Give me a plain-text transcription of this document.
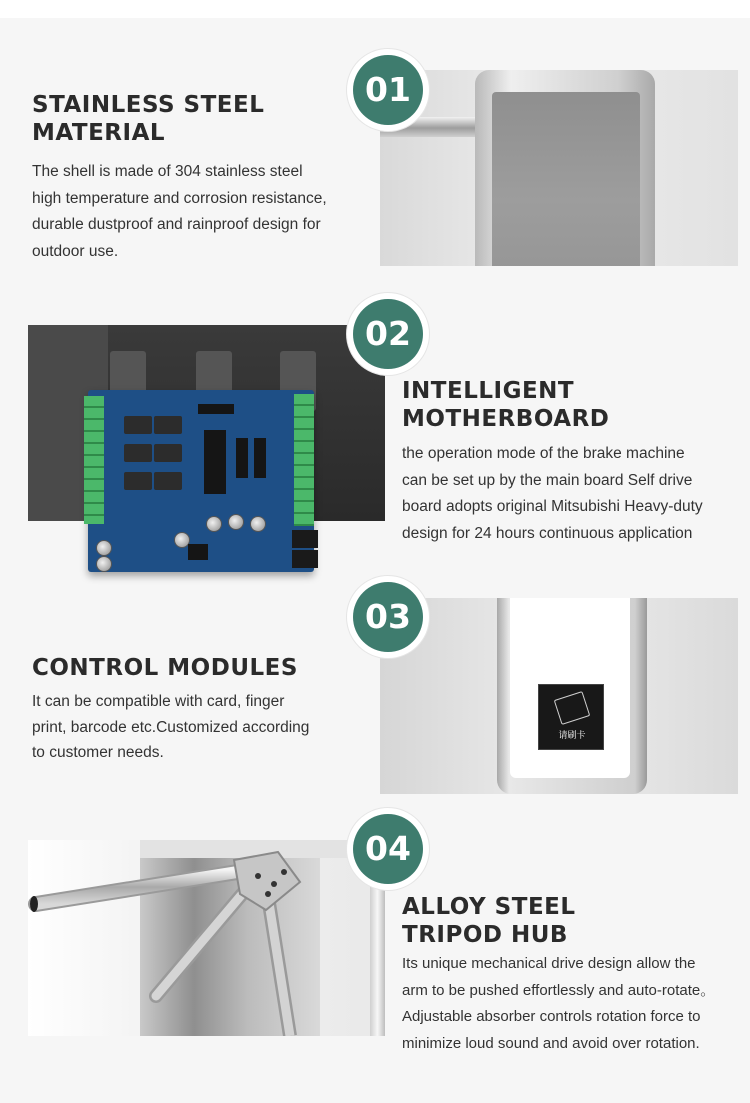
STAINLESS STEEL
MATERIAL
The shell is made of 304 stainless steel
high temperature and corrosion resistance,
durable dustproof and rainproof design for
outdoor use.
01
02
INTELLIGENT
MOTHERBOARD
the operation mode of the brake machine
can be set up by the main board Self drive
board adopts original Mitsubishi Heavy-duty
design for 24 hours continuous application
CONTROL MODULES
It can be compatible with card, finger
print, barcode etc.Customized according
to customer needs.
请刷卡
03
04
ALLOY STEEL
TRIPOD HUB
Its unique mechanical drive design allow the
arm to be pushed effortlessly and auto-rotate。
Adjustable absorber controls rotation force to
minimize loud sound and avoid over rotation.
